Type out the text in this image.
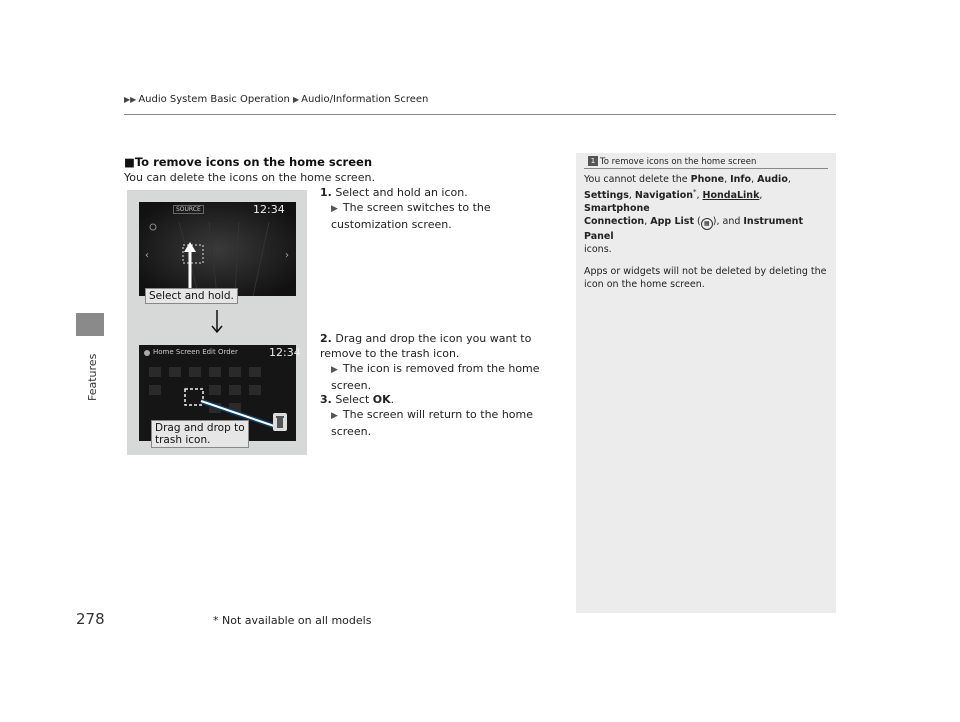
▶▶ Audio System Basic Operation ▶ Audio/Information Screen
Features
278
■To remove icons on the home screen
You can delete the icons on the home screen.
1. Select and hold an icon.
▶ The screen switches to the customization screen.
2. Drag and drop the icon you want to remove to the trash icon.
▶ The icon is removed from the home screen.
3. Select OK.
▶ The screen will return to the home screen.
‹	›
SOURCE	12:34
Select and hold.
Home Screen Edit Order	12:34
Drag and drop to
trash icon.
1 To remove icons on the home screen

You cannot delete the Phone, Info, Audio,
Settings, Navigation*, HondaLink, Smartphone
Connection, App List ( ▦ ), and Instrument Panel
icons.

Apps or widgets will not be deleted by deleting the icon on the home screen.

* Not available on all models
